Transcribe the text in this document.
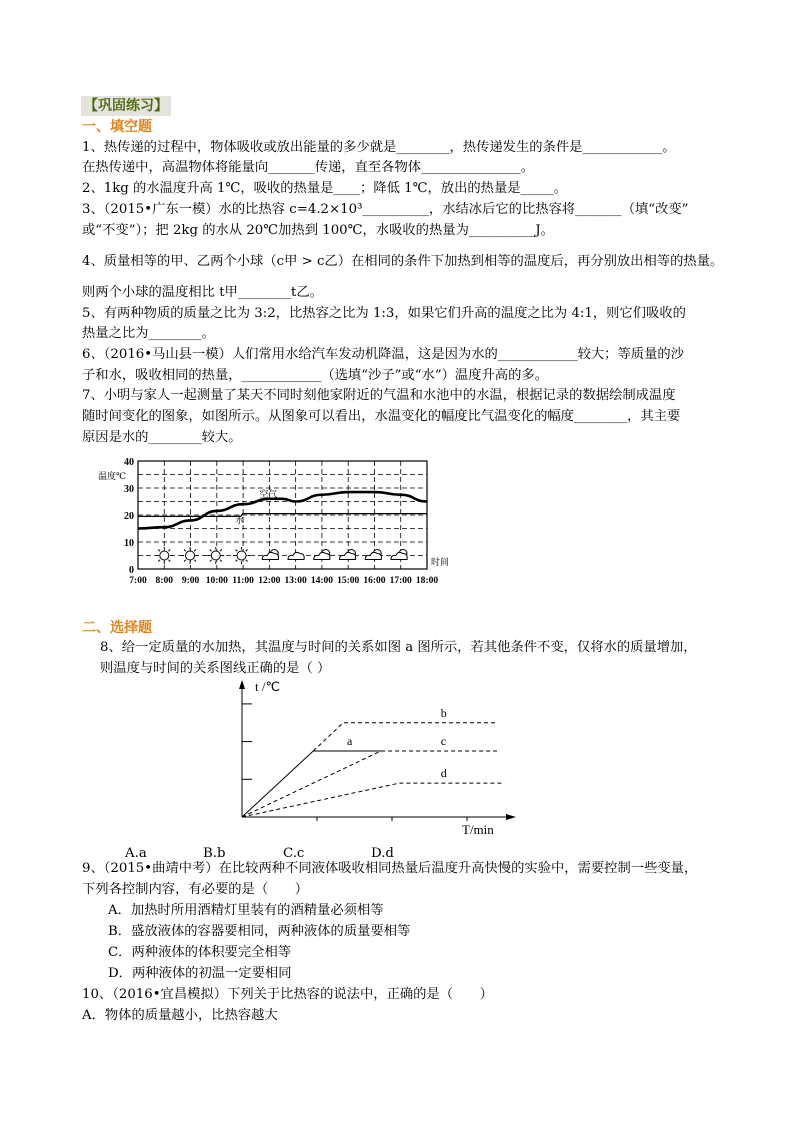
【巩固练习】
一、填空题
1、热传递的过程中，物体吸收或放出能量的多少就是________，热传递发生的条件是____________。
在热传递中，高温物体将能量向_______传递，直至各物体_______________。
2、1kg 的水温度升高 1℃，吸收的热量是____；降低 1℃，放出的热量是_____。
3、（2015•广东一模）水的比热容 c=4.2×10³__________，水结冰后它的比热容将_______（填“改变”
或“不变”）；把 2kg 的水从 20℃加热到 100℃，水吸收的热量为__________J。
4、质量相等的甲、乙两个小球（c甲 > c乙）在相同的条件下加热到相等的温度后，再分别放出相等的热量。
则两个小球的温度相比 t甲________t乙。
5、有两种物质的质量之比为 3:2，比热容之比为 1:3，如果它们升高的温度之比为 4:1，则它们吸收的
热量之比为________。
6、（2016•马山县一模）人们常用水给汽车发动机降温，这是因为水的____________较大；等质量的沙
子和水，吸收相同的热量，____________（选填“沙子”或“水”）温度升高的多。
7、小明与家人一起测量了某天不同时刻他家附近的气温和水池中的水温，根据记录的数据绘制成温度
随时间变化的图象，如图所示。从图象可以看出，水温变化的幅度比气温变化的幅度________，其主要
原因是水的________较大。
温度℃
时间
空气
水
0
10
20
30
40
7:00 8:00 9:00 10:00 11:00 12:00 13:00 14:00 15:00 16:00 17:00 18:00
二、选择题
8、给一定质量的水加热，其温度与时间的关系如图 a 图所示，若其他条件不变，仅将水的质量增加，
则温度与时间的关系图线正确的是（ ）
t /℃
T/min
a
b
c
d
A.a	B.b	C.c	D.d
9、（2015•曲靖中考）在比较两种不同液体吸收相同热量后温度升高快慢的实验中，需要控制一些变量，
下列各控制内容，有必要的是（　　）
A．加热时所用酒精灯里装有的酒精量必须相等
B．盛放液体的容器要相同，两种液体的质量要相等
C．两种液体的体积要完全相等
D．两种液体的初温一定要相同
10、（2016•宜昌模拟）下列关于比热容的说法中，正确的是（　　）
A．物体的质量越小，比热容越大
